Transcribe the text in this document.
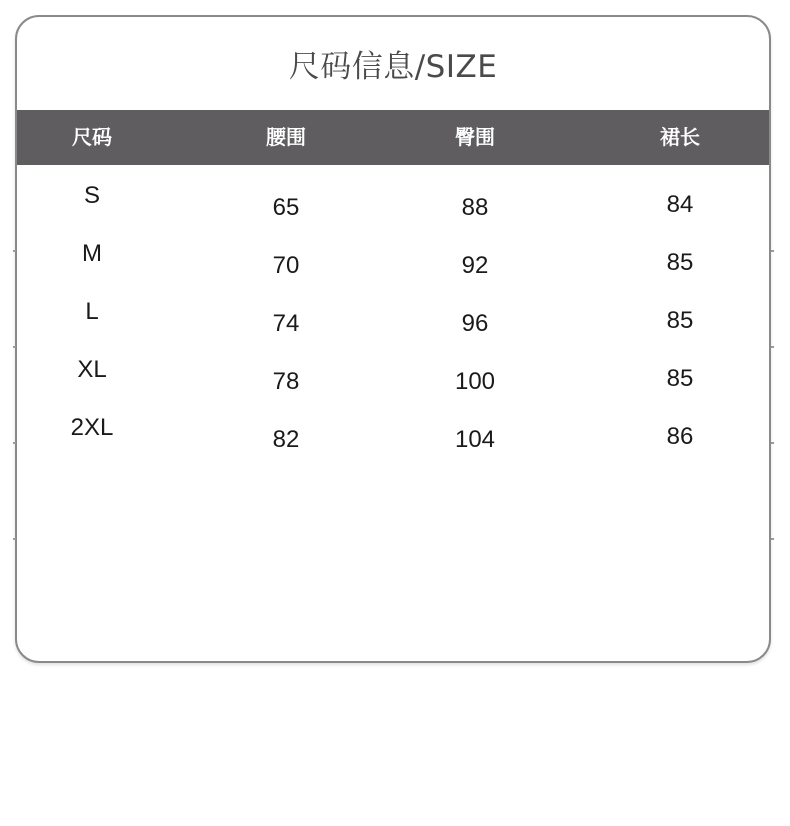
尺码信息/SIZE
尺码	腰围	臀围	裙长
S	65	88	84
M	70	92	85
L	74	96	85
XL	78	100	85
2XL	82	104	86
